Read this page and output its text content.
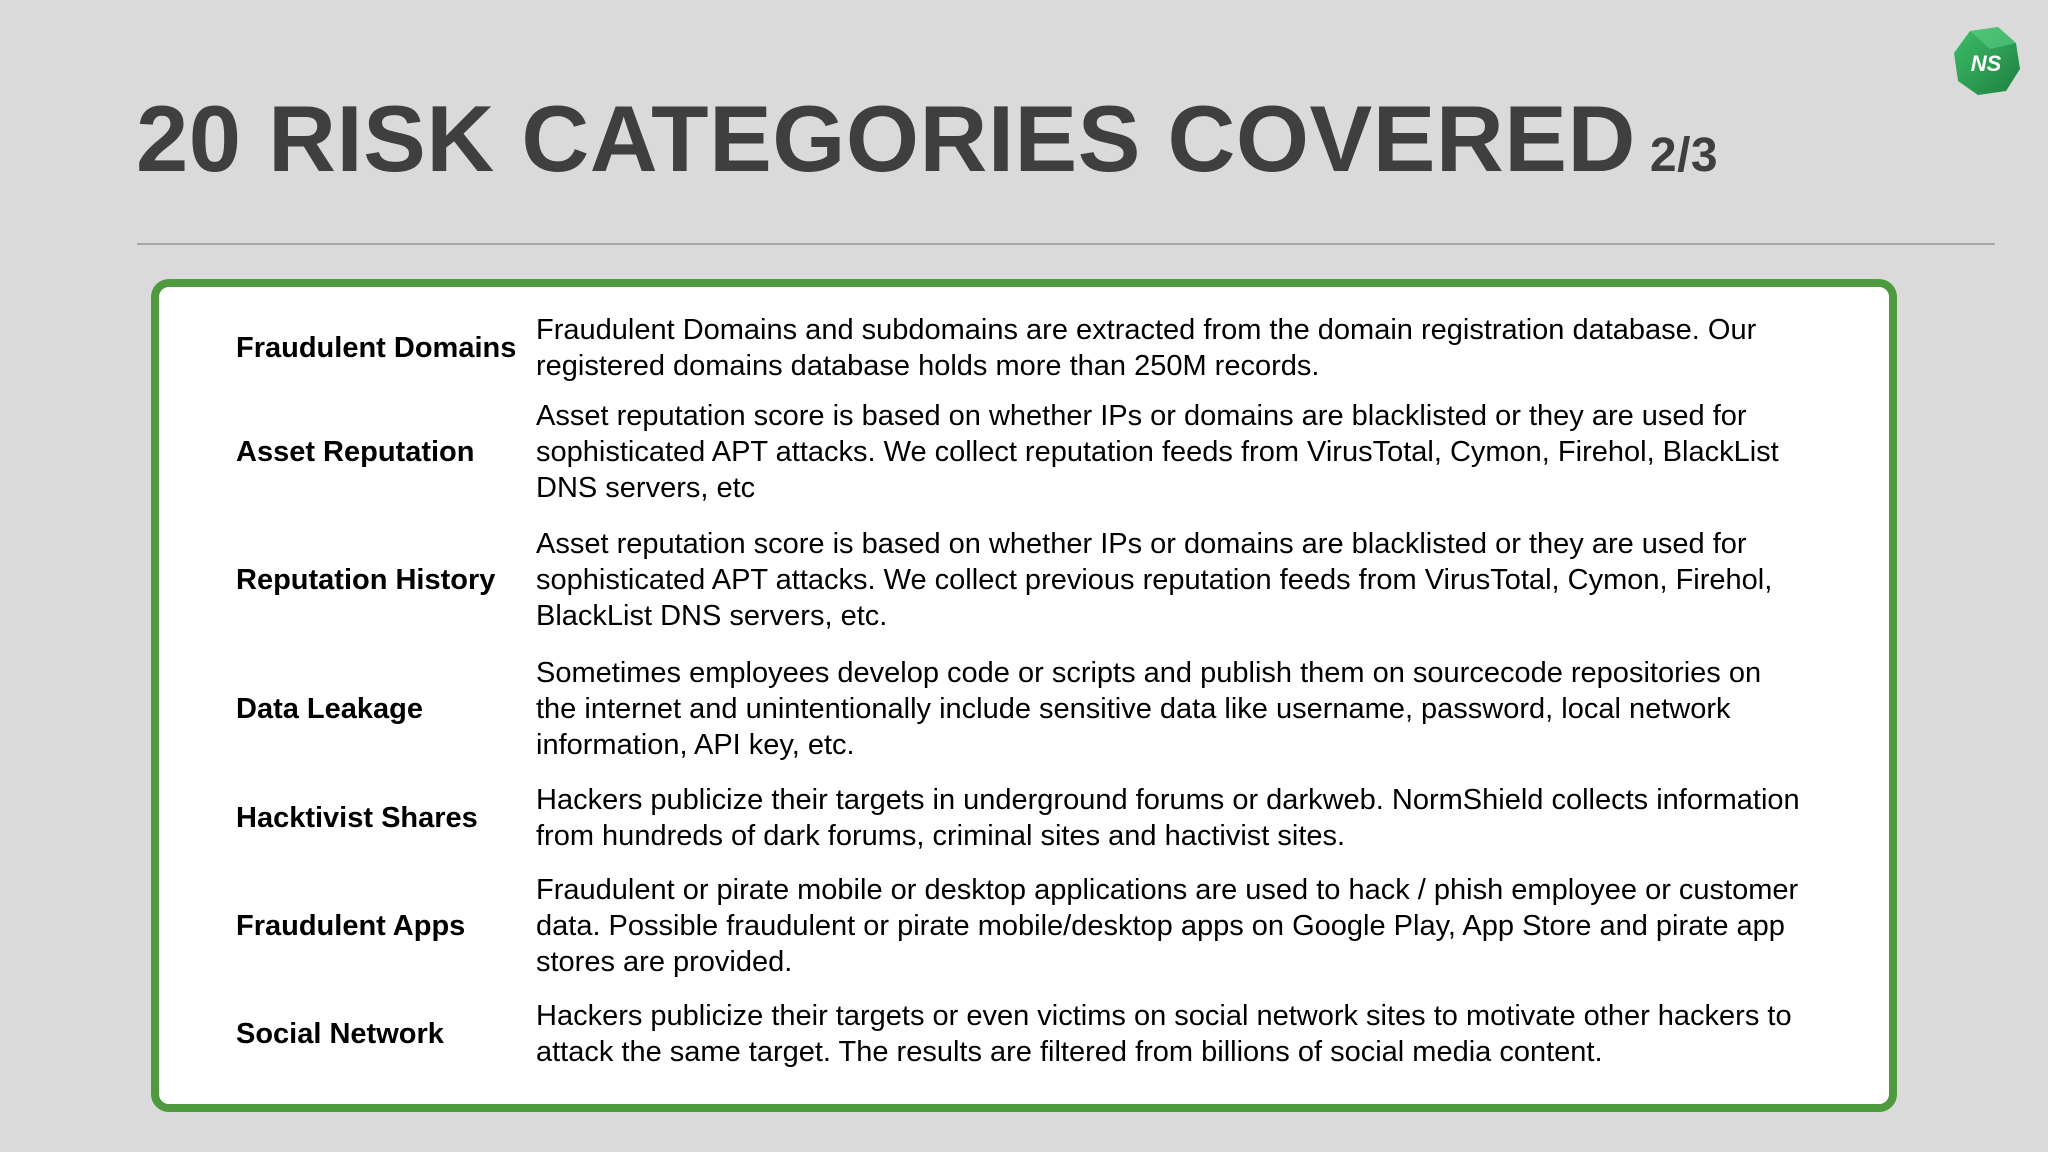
20 RISK CATEGORIES COVERED 2/3
NS
Fraudulent Domains	Fraudulent Domains and subdomains are extracted from the domain registration database. Our registered domains database holds more than 250M records.
Asset Reputation	Asset reputation score is based on whether IPs or domains are blacklisted or they are used for sophisticated APT attacks. We collect reputation feeds from VirusTotal, Cymon, Firehol, BlackList DNS servers, etc
Reputation History	Asset reputation score is based on whether IPs or domains are blacklisted or they are used for sophisticated APT attacks. We collect previous reputation feeds from VirusTotal, Cymon, Firehol, BlackList DNS servers, etc.
Data Leakage	Sometimes employees develop code or scripts and publish them on sourcecode repositories on the internet and unintentionally include sensitive data like username, password, local network information, API key, etc.
Hacktivist Shares	Hackers publicize their targets in underground forums or darkweb. NormShield collects information from hundreds of dark forums, criminal sites and hactivist sites.
Fraudulent Apps	Fraudulent or pirate mobile or desktop applications are used to hack / phish employee or customer data. Possible fraudulent or pirate mobile/desktop apps on Google Play, App Store and pirate app stores are provided.
Social Network	Hackers publicize their targets or even victims on social network sites to motivate other hackers to attack the same target. The results are filtered from billions of social media content.
